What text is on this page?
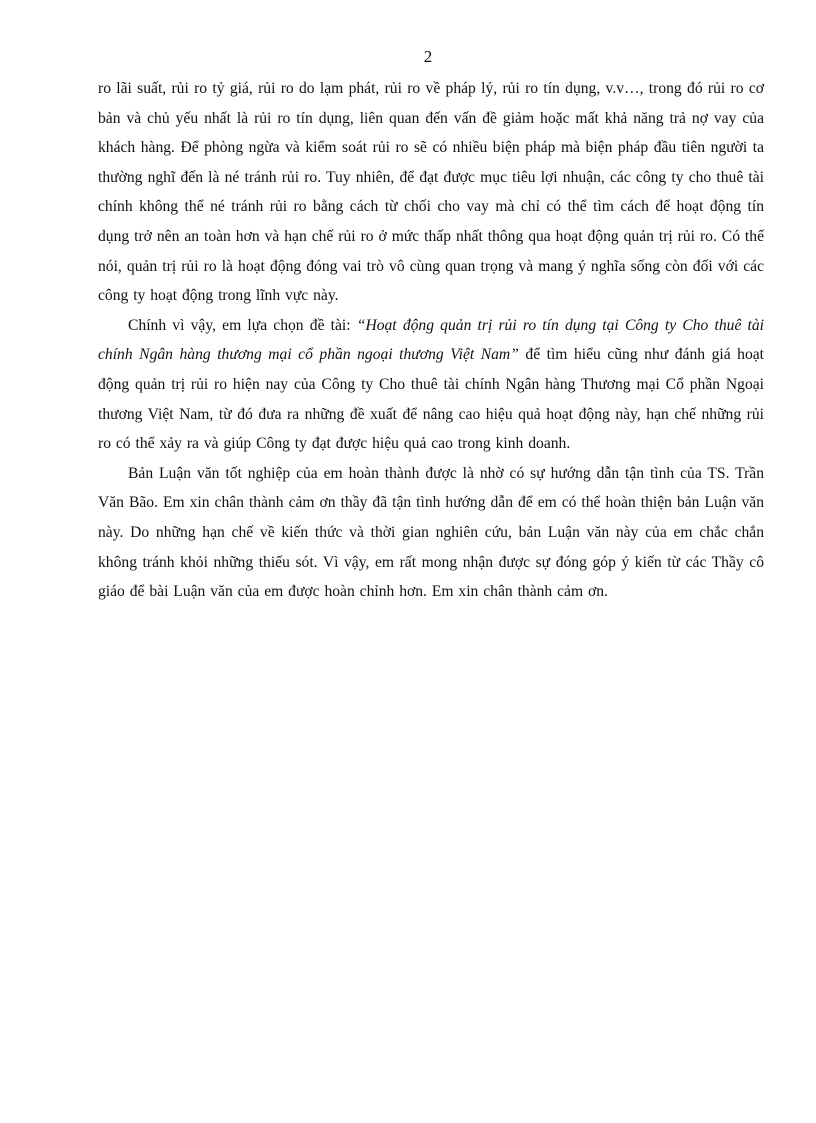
2

ro lãi suất, rủi ro tỷ giá, rủi ro do lạm phát, rủi ro về pháp lý, rủi ro tín dụng, v.v…, trong đó rủi ro cơ bản và chủ yếu nhất là rủi ro tín dụng, liên quan đến vấn đề giảm hoặc mất khả năng trả nợ vay của khách hàng. Để phòng ngừa và kiểm soát rủi ro sẽ có nhiều biện pháp mà biện pháp đầu tiên người ta thường nghĩ đến là né tránh rủi ro. Tuy nhiên, để đạt được mục tiêu lợi nhuận, các công ty cho thuê tài chính không thể né tránh rủi ro bằng cách từ chối cho vay mà chỉ có thể tìm cách để hoạt động tín dụng trở nên an toàn hơn và hạn chế rủi ro ở mức thấp nhất thông qua hoạt động quản trị rủi ro. Có thể nói, quản trị rủi ro là hoạt động đóng vai trò vô cùng quan trọng và mang ý nghĩa sống còn đối với các công ty hoạt động trong lĩnh vực này.

Chính vì vậy, em lựa chọn đề tài: “Hoạt động quản trị rủi ro tín dụng tại Công ty Cho thuê tài chính Ngân hàng thương mại cổ phần ngoại thương Việt Nam” để tìm hiểu cũng như đánh giá hoạt động quản trị rủi ro hiện nay của Công ty Cho thuê tài chính Ngân hàng Thương mại Cổ phần Ngoại thương Việt Nam, từ đó đưa ra những đề xuất để nâng cao hiệu quả hoạt động này, hạn chế những rủi ro có thể xảy ra và giúp Công ty đạt được hiệu quả cao trong kinh doanh.

Bản Luận văn tốt nghiệp của em hoàn thành được là nhờ có sự hướng dẫn tận tình của TS. Trần Văn Bão. Em xin chân thành cảm ơn thầy đã tận tình hướng dẫn để em có thể hoàn thiện bản Luận văn này. Do những hạn chế về kiến thức và thời gian nghiên cứu, bản Luận văn này của em chắc chắn không tránh khỏi những thiếu sót. Vì vậy, em rất mong nhận được sự đóng góp ý kiến từ các Thầy cô giáo để bài Luận văn của em được hoàn chỉnh hơn. Em xin chân thành cảm ơn.
